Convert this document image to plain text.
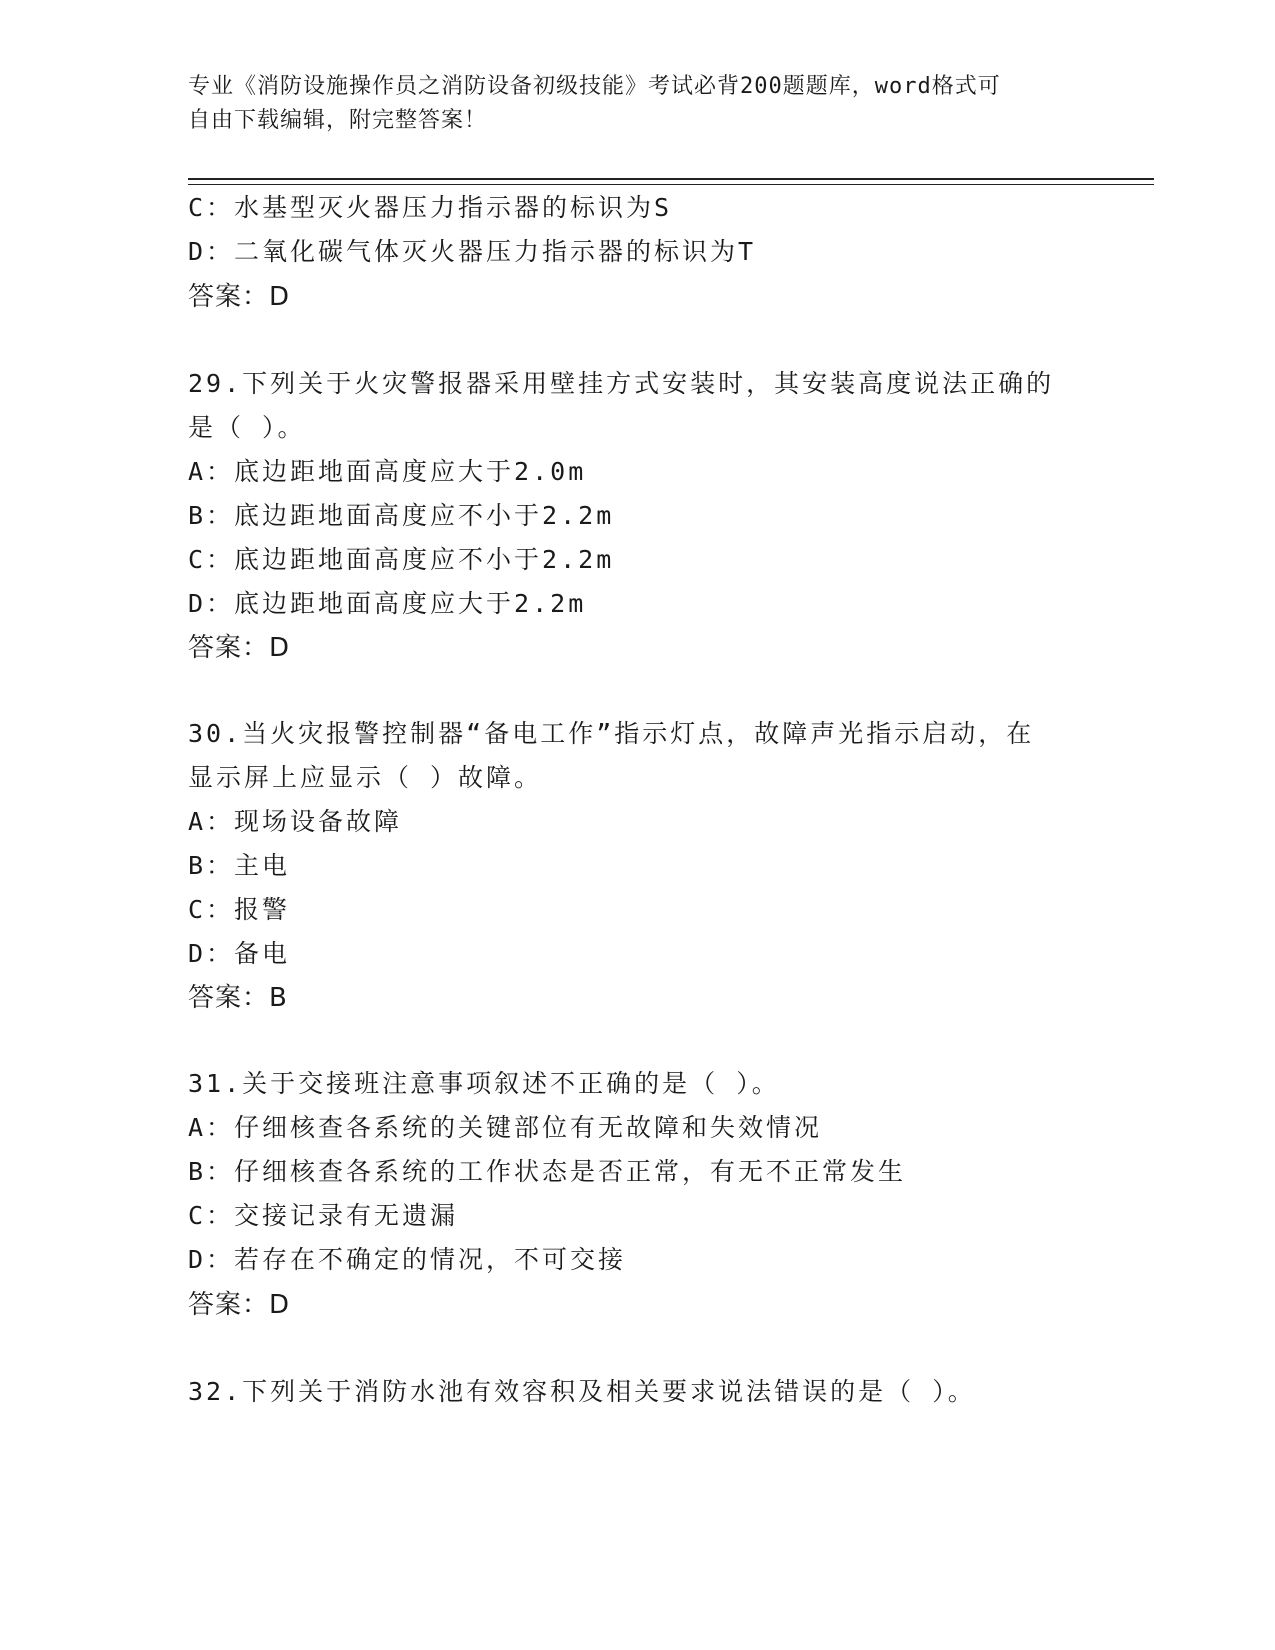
专业《消防设施操作员之消防设备初级技能》考试必背200题题库，word格式可
自由下载编辑，附完整答案！
C：水基型灭火器压力指示器的标识为S
D：二氧化碳气体灭火器压力指示器的标识为T
答案：D
29.下列关于火灾警报器采用壁挂方式安装时，其安装高度说法正确的
是（ ）。
A：底边距地面高度应大于2.0m
B：底边距地面高度应不小于2.2m
C：底边距地面高度应不小于2.2m
D：底边距地面高度应大于2.2m
答案：D
30.当火灾报警控制器“备电工作”指示灯点，故障声光指示启动，在
显示屏上应显示（ ）故障。
A：现场设备故障
B：主电
C：报警
D：备电
答案：B
31.关于交接班注意事项叙述不正确的是（ ）。
A：仔细核查各系统的关键部位有无故障和失效情况
B：仔细核查各系统的工作状态是否正常，有无不正常发生
C：交接记录有无遗漏
D：若存在不确定的情况，不可交接
答案：D
32.下列关于消防水池有效容积及相关要求说法错误的是（ ）。
